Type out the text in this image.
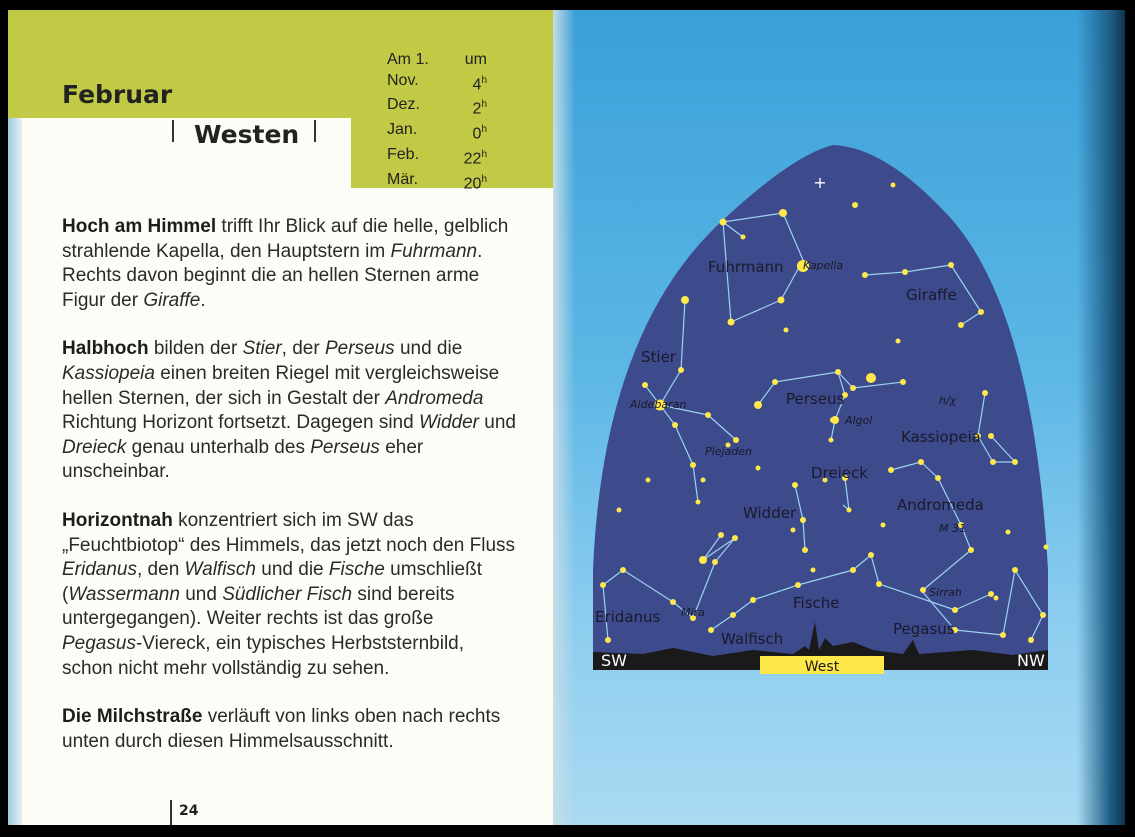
Februar
Westen
Am 1. um
Nov.	4$^h$
Dez.	2$^h$
Jan.	0$^h$
Feb.	22$^h$
Mär.	20$^h$

Hoch am Himmel trifft Ihr Blick auf die helle, gelblich strahlende Kapella, den Hauptstern im Fuhrmann. Rechts davon beginnt die an hellen Sternen arme Figur der Giraffe.

Halbhoch bilden der Stier, der Perseus und die Kassiopeia einen breiten Riegel mit vergleichsweise hellen Sternen, der sich in Gestalt der Andromeda Richtung Horizont fortsetzt. Dagegen sind Widder und Dreieck genau unterhalb des Perseus eher unscheinbar.

Horizontnah konzentriert sich im SW das „Feuchtbiotop“ des Himmels, das jetzt noch den Fluss Eridanus, den Walfisch und die Fische umschließt (Wassermann und Südlicher Fisch sind bereits untergegangen). Weiter rechts ist das große Pegasus-Viereck, ein typisches Herbststernbild, schon nicht mehr vollständig zu sehen.

Die Milchstraße verläuft von links oben nach rechts unten durch diesen Himmelsausschnitt.

24
Fuhrmann
Giraffe
Stier
Perseus
Kassiopeia
Dreieck
Widder	Andromeda
Fische
Eridanus
Walfisch
Pegasus
Kapella
Aldebaran
Plejaden
Algol
h/χ
M 31
Mira
Sirrah
SW	West	NW
+
